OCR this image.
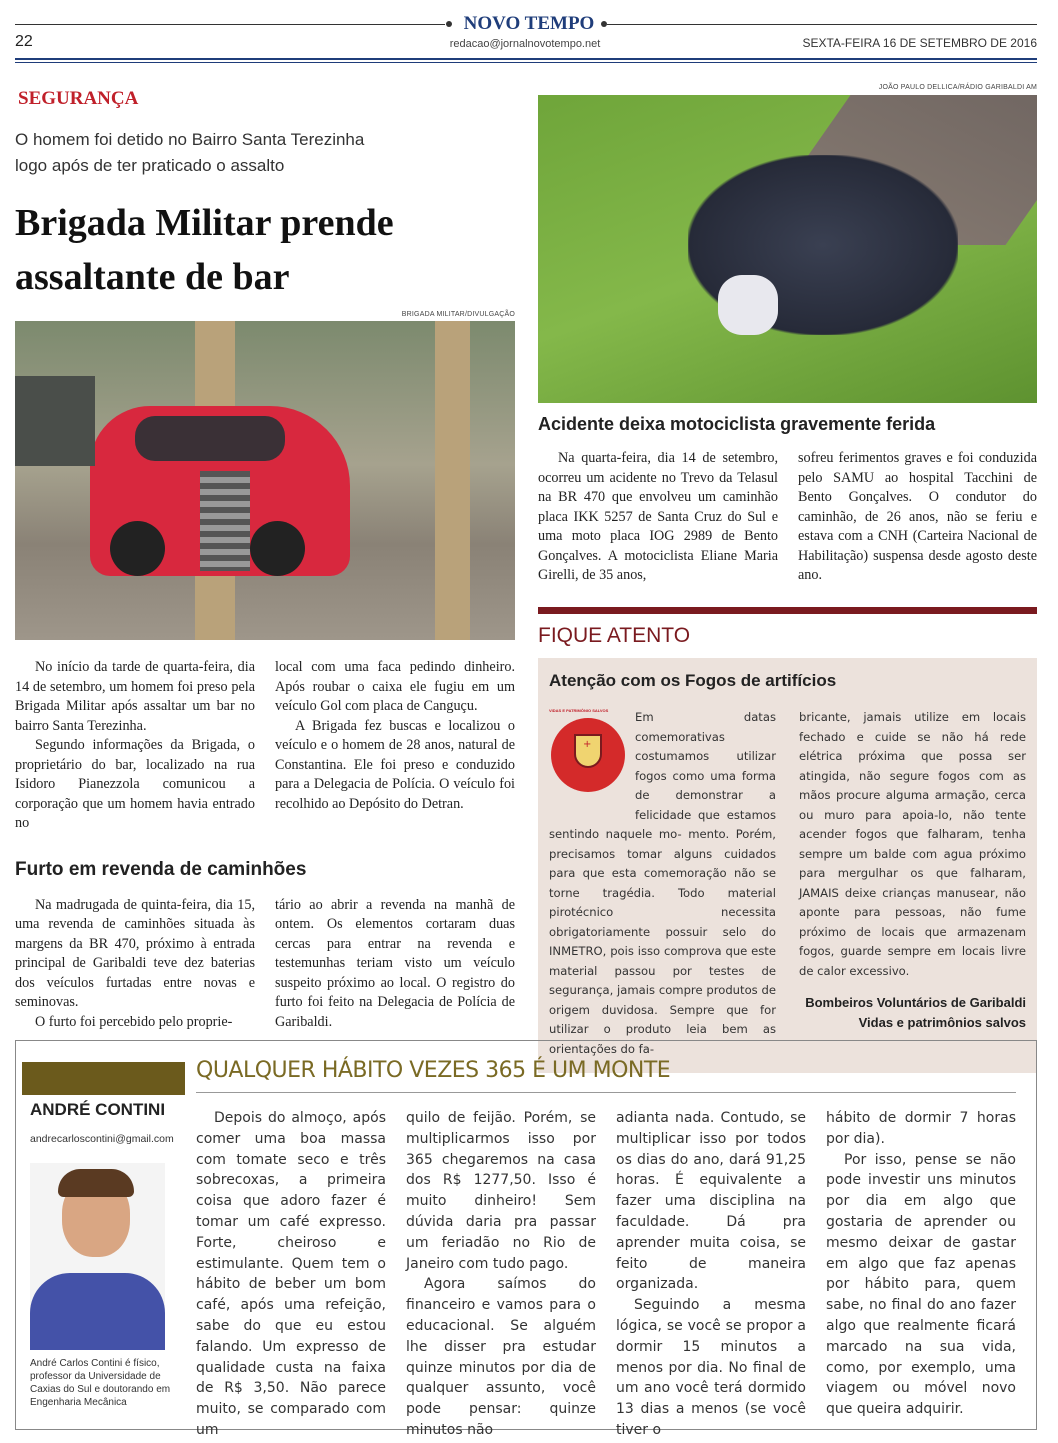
NOVO TEMPO
22	redacao@jornalnovotempo.net	SEXTA-FEIRA 16 DE SETEMBRO DE 2016
SEGURANÇA
O homem foi detido no Bairro Santa Terezinha
logo após de ter praticado o assalto
Brigada Militar prende
assaltante de bar
BRIGADA MILITAR/DIVULGAÇÃO

No início da tarde de quarta-feira, dia 14 de setembro, um homem foi preso pela Brigada Militar após assaltar um bar no bairro Santa Terezinha.

Segundo informações da Brigada, o proprietário do bar, localizado na rua Isidoro Pianezzola comunicou a corporação que um homem havia entrado no

local com uma faca pedindo dinheiro. Após roubar o caixa ele fugiu em um veículo Gol com placa de Canguçu.

A Brigada fez buscas e localizou o veículo e o homem de 28 anos, natural de Constantina. Ele foi preso e conduzido para a Delegacia de Polícia. O veículo foi recolhido ao Depósito do Detran.

Furto em revenda de caminhões

Na madrugada de quinta-feira, dia 15, uma revenda de caminhões situada às margens da BR 470, próximo à entrada principal de Garibaldi teve dez baterias dos veículos furtadas entre novas e seminovas.

O furto foi percebido pelo proprie-

tário ao abrir a revenda na manhã de ontem. Os elementos cortaram duas cercas para entrar na revenda e testemunhas teriam visto um veículo suspeito próximo ao local. O registro do furto foi feito na Delegacia de Polícia de Garibaldi.

JOÃO PAULO DELLICA/RÁDIO GARIBALDI AM
Acidente deixa motociclista gravemente ferida

Na quarta-feira, dia 14 de setembro, ocorreu um acidente no Trevo da Telasul na BR 470 que envolveu um caminhão placa IKK 5257 de Santa Cruz do Sul e uma moto placa IOG 2989 de Bento Gonçalves. A motociclista Eliane Maria Girelli, de 35 anos,

sofreu ferimentos graves e foi conduzida pelo SAMU ao hospital Tacchini de Bento Gonçalves. O condutor do caminhão, de 26 anos, não se feriu e estava com a CNH (Carteira Nacional de Habilitação) suspensa desde agosto deste ano.

FIQUE ATENTO
Atenção com os Fogos de artifícios
VIDAS E PATRIMÔNIO SALVOS
+
Em datas comemorativas costumamos utilizar fogos como uma forma de demonstrar a felicidade que estamos sentindo naquele mo- mento. Porém, precisamos tomar alguns cuidados para que esta comemoração não se torne tragédia. Todo material pirotécnico necessita obrigatoriamente possuir selo do INMETRO, pois isso comprova que este material passou por testes de segurança, jamais compre produtos de origem duvidosa. Sempre que for utilizar o produto leia bem as orientações do fa-
bricante, jamais utilize em locais fechado e cuide se não há rede elétrica próxima que possa ser atingida, não segure fogos com as mãos procure alguma armação, cerca ou muro para apoia-lo, não tente acender fogos que falharam, tenha sempre um balde com agua próximo para mergulhar os que falharam, JAMAIS deixe crianças manusear, não aponte para pessoas, não fume próximo de locais que armazenam fogos, guarde sempre em locais livre de calor excessivo.
Bombeiros Voluntários de Garibaldi
Vidas e patrimônios salvos
ANDRÉ CONTINI
andrecarloscontini@gmail.com
André Carlos Contini é físico, professor da Universidade de Caxias do Sul e doutorando em Engenharia Mecânica
QUALQUER HÁBITO VEZES 365 É UM MONTE

Depois do almoço, após comer uma boa massa com tomate seco e três sobrecoxas, a primeira coisa que adoro fazer é tomar um café expresso. Forte, cheiroso e estimulante. Quem tem o hábito de beber um bom café, após uma refeição, sabe do que eu estou falando. Um expresso de qualidade custa na faixa de R$ 3,50. Não parece muito, se comparado com um

quilo de feijão. Porém, se multiplicarmos isso por 365 chegaremos na casa dos R$ 1277,50. Isso é muito dinheiro! Sem dúvida daria pra passar um feriadão no Rio de Janeiro com tudo pago.

Agora saímos do financeiro e vamos para o educacional. Se alguém lhe disser pra estudar quinze minutos por dia de qualquer assunto, você pode pensar: quinze minutos não

adianta nada. Contudo, se multiplicar isso por todos os dias do ano, dará 91,25 horas. É equivalente a fazer uma disciplina na faculdade. Dá pra aprender muita coisa, se feito de maneira organizada.

Seguindo a mesma lógica, se você se propor a dormir 15 minutos a menos por dia. No final de um ano você terá dormido 13 dias a menos (se você tiver o

hábito de dormir 7 horas por dia).

Por isso, pense se não pode investir uns minutos por dia em algo que gostaria de aprender ou mesmo deixar de gastar em algo que faz apenas por hábito para, quem sabe, no final do ano fazer algo que realmente ficará marcado na sua vida, como, por exemplo, uma viagem ou móvel novo que queira adquirir.
